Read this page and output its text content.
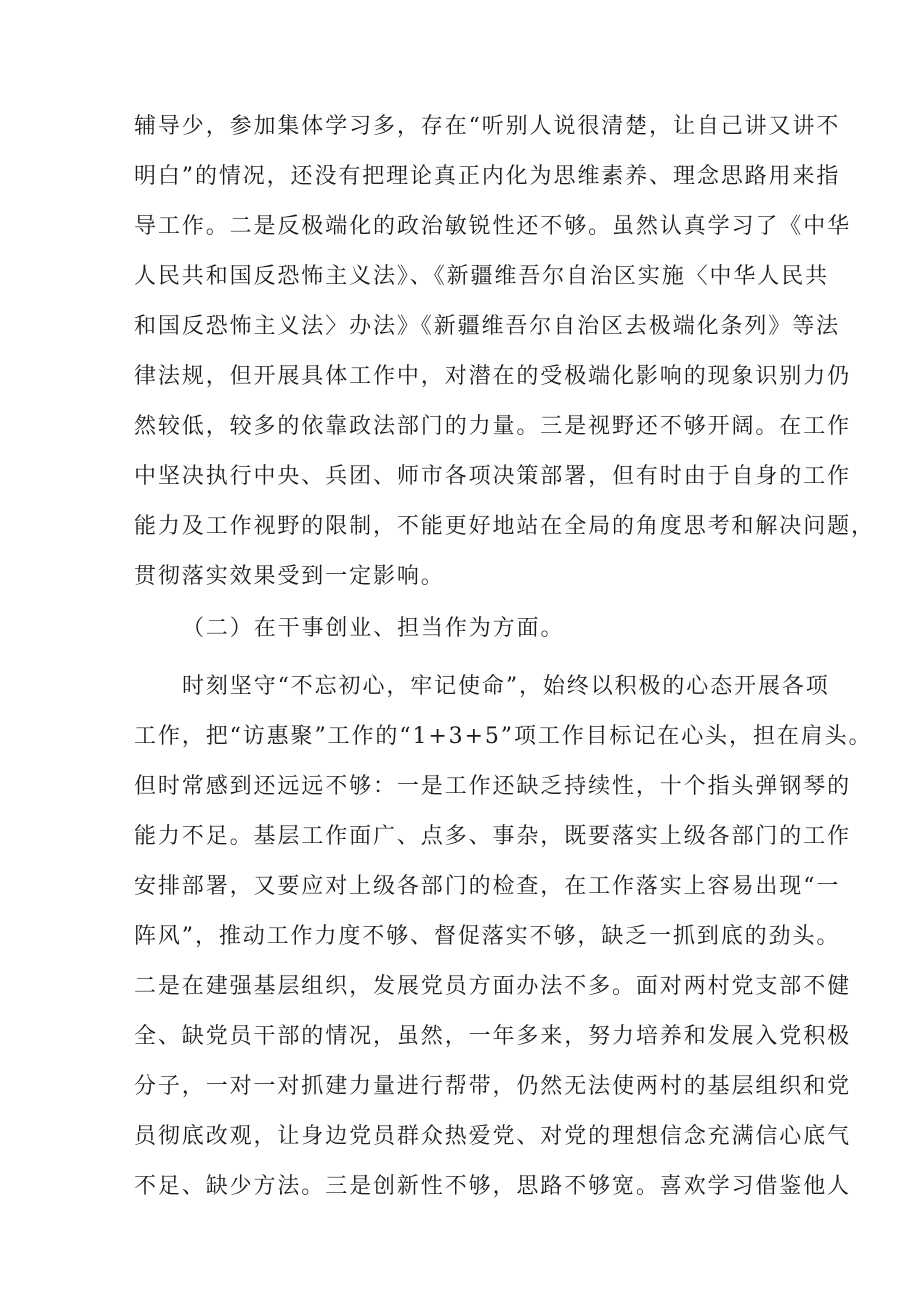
辅导少，参加集体学习多，存在“听别人说很清楚，让自己讲又讲不
明白”的情况，还没有把理论真正内化为思维素养、理念思路用来指
导工作。二是反极端化的政治敏锐性还不够。虽然认真学习了《中华
人民共和国反恐怖主义法》、《新疆维吾尔自治区实施〈中华人民共
和国反恐怖主义法〉办法》《新疆维吾尔自治区去极端化条列》等法
律法规，但开展具体工作中，对潜在的受极端化影响的现象识别力仍
然较低，较多的依靠政法部门的力量。三是视野还不够开阔。在工作
中坚决执行中央、兵团、师市各项决策部署，但有时由于自身的工作
能力及工作视野的限制，不能更好地站在全局的角度思考和解决问题，
贯彻落实效果受到一定影响。
（二）在干事创业、担当作为方面。
时刻坚守“不忘初心，牢记使命”，始终以积极的心态开展各项
工作，把“访惠聚”工作的“1+3+5”项工作目标记在心头，担在肩头。
但时常感到还远远不够：一是工作还缺乏持续性，十个指头弹钢琴的
能力不足。基层工作面广、点多、事杂，既要落实上级各部门的工作
安排部署，又要应对上级各部门的检查，在工作落实上容易出现“一
阵风”，推动工作力度不够、督促落实不够，缺乏一抓到底的劲头。
二是在建强基层组织，发展党员方面办法不多。面对两村党支部不健
全、缺党员干部的情况，虽然，一年多来，努力培养和发展入党积极
分子，一对一对抓建力量进行帮带，仍然无法使两村的基层组织和党
员彻底改观，让身边党员群众热爱党、对党的理想信念充满信心底气
不足、缺少方法。三是创新性不够，思路不够宽。喜欢学习借鉴他人
